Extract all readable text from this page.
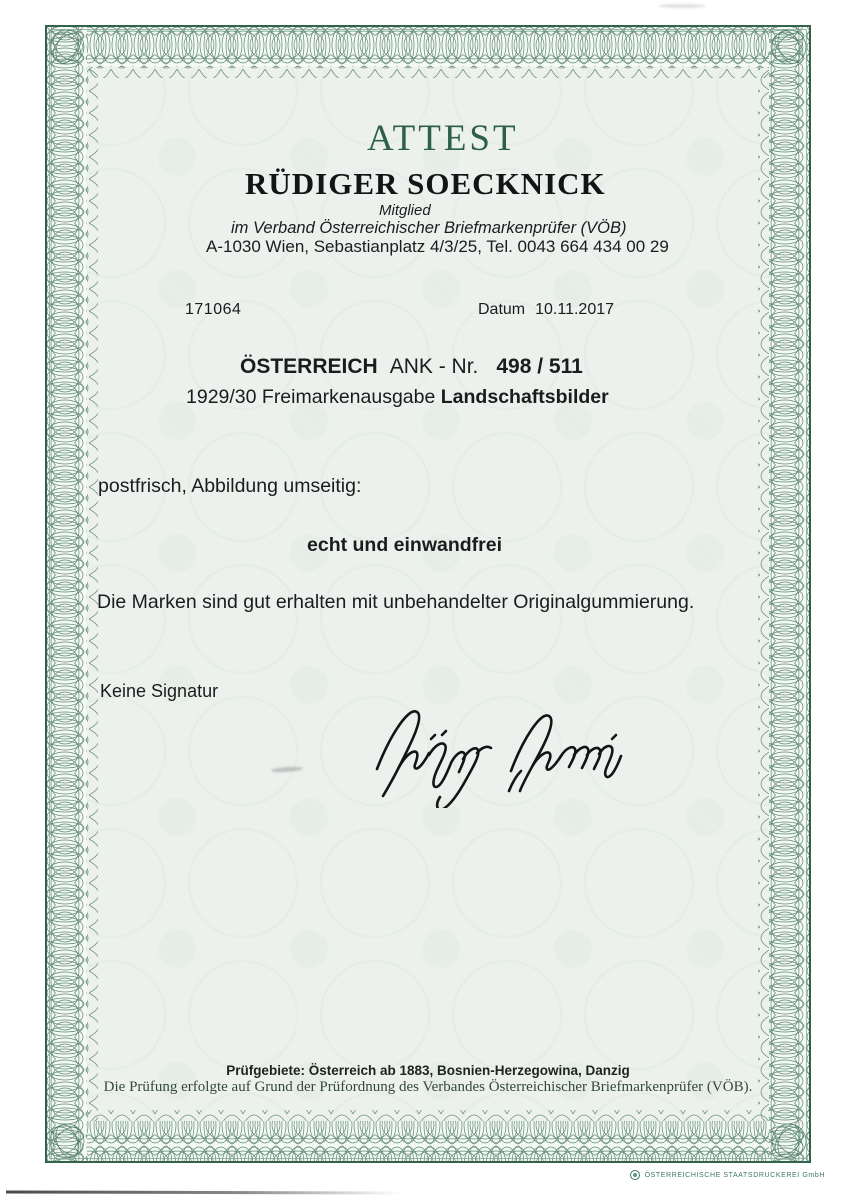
ATTEST
RÜDIGER SOECKNICK
Mitglied
im Verband Österreichischer Briefmarkenprüfer (VÖB)
A-1030 Wien, Sebastianplatz 4/3/25, Tel. 0043 664 434 00 29
171064	Datum 10.11.2017
ÖSTERREICH ANK - Nr. 498 / 511
1929/30 Freimarkenausgabe Landschaftsbilder
postfrisch, Abbildung umseitig:
echt und einwandfrei
Die Marken sind gut erhalten mit unbehandelter Originalgummierung.
Keine Signatur
Prüfgebiete: Österreich ab 1883, Bosnien-Herzegowina, Danzig
Die Prüfung erfolgte auf Grund der Prüfordnung des Verbandes Österreichischer Briefmarkenprüfer (VÖB).
ÖSTERREICHISCHE STAATSDRUCKEREI GmbH
